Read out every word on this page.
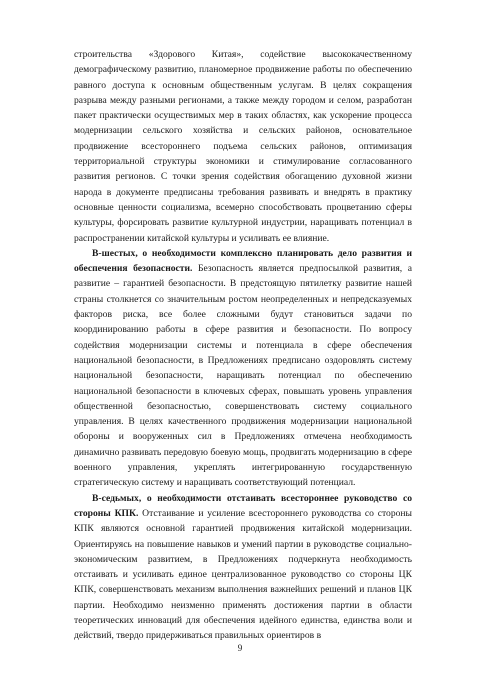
строительства «Здорового Китая», содействие высококачественному демографическому развитию, планомерное продвижение работы по обеспечению равного доступа к основным общественным услугам. В целях сокращения разрыва между разными регионами, а также между городом и селом, разработан пакет практически осуществимых мер в таких областях, как ускорение процесса модернизации сельского хозяйства и сельских районов, основательное продвижение всестороннего подъема сельских районов, оптимизация территориальной структуры экономики и стимулирование согласованного развития регионов. С точки зрения содействия обогащению духовной жизни народа в документе предписаны требования развивать и внедрять в практику основные ценности социализма, всемерно способствовать процветанию сферы культуры, форсировать развитие культурной индустрии, наращивать потенциал в распространении китайской культуры и усиливать ее влияние.

В-шестых, о необходимости комплексно планировать дело развития и обеспечения безопасности. Безопасность является предпосылкой развития, а развитие – гарантией безопасности. В предстоящую пятилетку развитие нашей страны столкнется со значительным ростом неопределенных и непредсказуемых факторов риска, все более сложными будут становиться задачи по координированию работы в сфере развития и безопасности. По вопросу содействия модернизации системы и потенциала в сфере обеспечения национальной безопасности, в Предложениях предписано оздоровлять систему национальной безопасности, наращивать потенциал по обеспечению национальной безопасности в ключевых сферах, повышать уровень управления общественной безопасностью, совершенствовать систему социального управления. В целях качественного продвижения модернизации национальной обороны и вооруженных сил в Предложениях отмечена необходимость динамично развивать передовую боевую мощь, продвигать модернизацию в сфере военного управления, укреплять интегрированную государственную стратегическую систему и наращивать соответствующий потенциал.

В-седьмых, о необходимости отстаивать всестороннее руководство со стороны КПК. Отстаивание и усиление всестороннего руководства со стороны КПК являются основной гарантией продвижения китайской модернизации. Ориентируясь на повышение навыков и умений партии в руководстве социально-экономическим развитием, в Предложениях подчеркнута необходимость отстаивать и усиливать единое централизованное руководство со стороны ЦК КПК, совершенствовать механизм выполнения важнейших решений и планов ЦК партии. Необходимо неизменно применять достижения партии в области теоретических инноваций для обеспечения идейного единства, единства воли и действий, твердо придерживаться правильных ориентиров в

9
